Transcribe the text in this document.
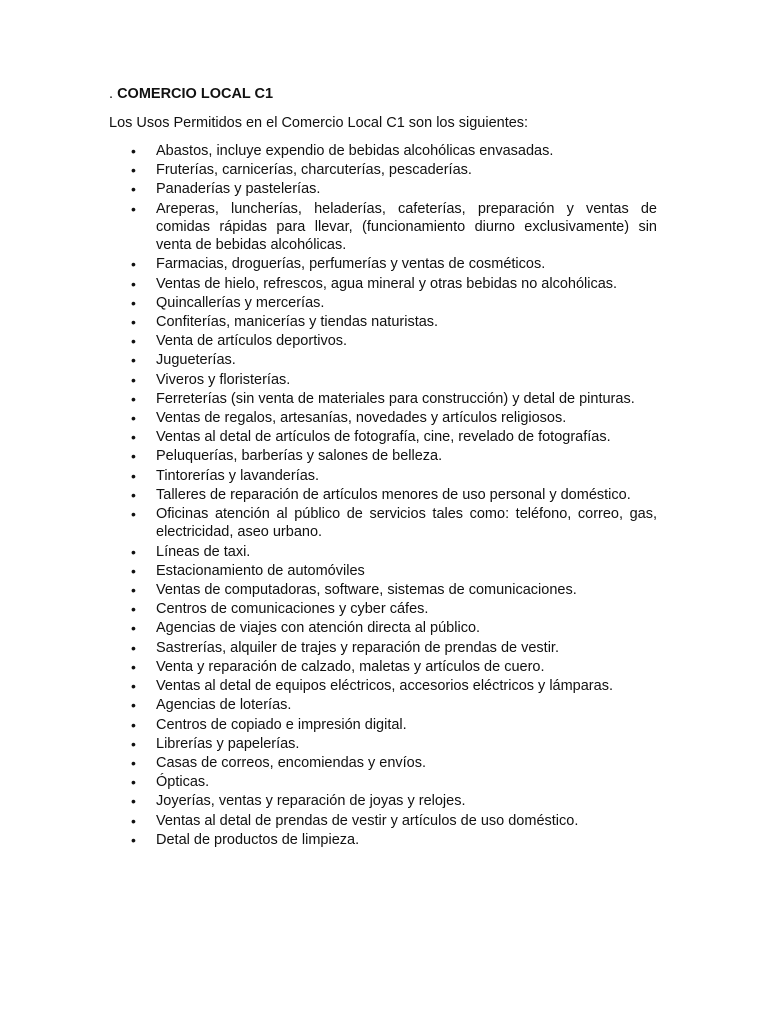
. COMERCIO LOCAL C1
Los Usos Permitidos en el Comercio Local C1 son los siguientes:
• Abastos, incluye expendio de bebidas alcohólicas envasadas.
• Fruterías, carnicerías, charcuterías, pescaderías.
• Panaderías y pastelerías.
• Areperas, luncherías, heladerías, cafeterías, preparación y ventas de comidas rápidas para llevar, (funcionamiento diurno exclusivamente) sin venta de bebidas alcohólicas.
• Farmacias, droguerías, perfumerías y ventas de cosméticos.
• Ventas de hielo, refrescos, agua mineral y otras bebidas no alcohólicas.
• Quincallerías y mercerías.
• Confiterías, manicerías y tiendas naturistas.
• Venta de artículos deportivos.
• Jugueterías.
• Viveros y floristerías.
• Ferreterías (sin venta de materiales para construcción) y detal de pinturas.
• Ventas de regalos, artesanías, novedades y artículos religiosos.
• Ventas al detal de artículos de fotografía, cine, revelado de fotografías.
• Peluquerías, barberías y salones de belleza.
• Tintorerías y lavanderías.
• Talleres de reparación de artículos menores de uso personal y doméstico.
• Oficinas atención al público de servicios tales como: teléfono, correo, gas, electricidad, aseo urbano.
• Líneas de taxi.
• Estacionamiento de automóviles
• Ventas de computadoras, software, sistemas de comunicaciones.
• Centros de comunicaciones y cyber cáfes.
• Agencias de viajes con atención directa al público.
• Sastrerías, alquiler de trajes y reparación de prendas de vestir.
• Venta y reparación de calzado, maletas y artículos de cuero.
• Ventas al detal de equipos eléctricos, accesorios eléctricos y lámparas.
• Agencias de loterías.
• Centros de copiado e impresión digital.
• Librerías y papelerías.
• Casas de correos, encomiendas y envíos.
• Ópticas.
• Joyerías, ventas y reparación de joyas y relojes.
• Ventas al detal de prendas de vestir y artículos de uso doméstico.
• Detal de productos de limpieza.
